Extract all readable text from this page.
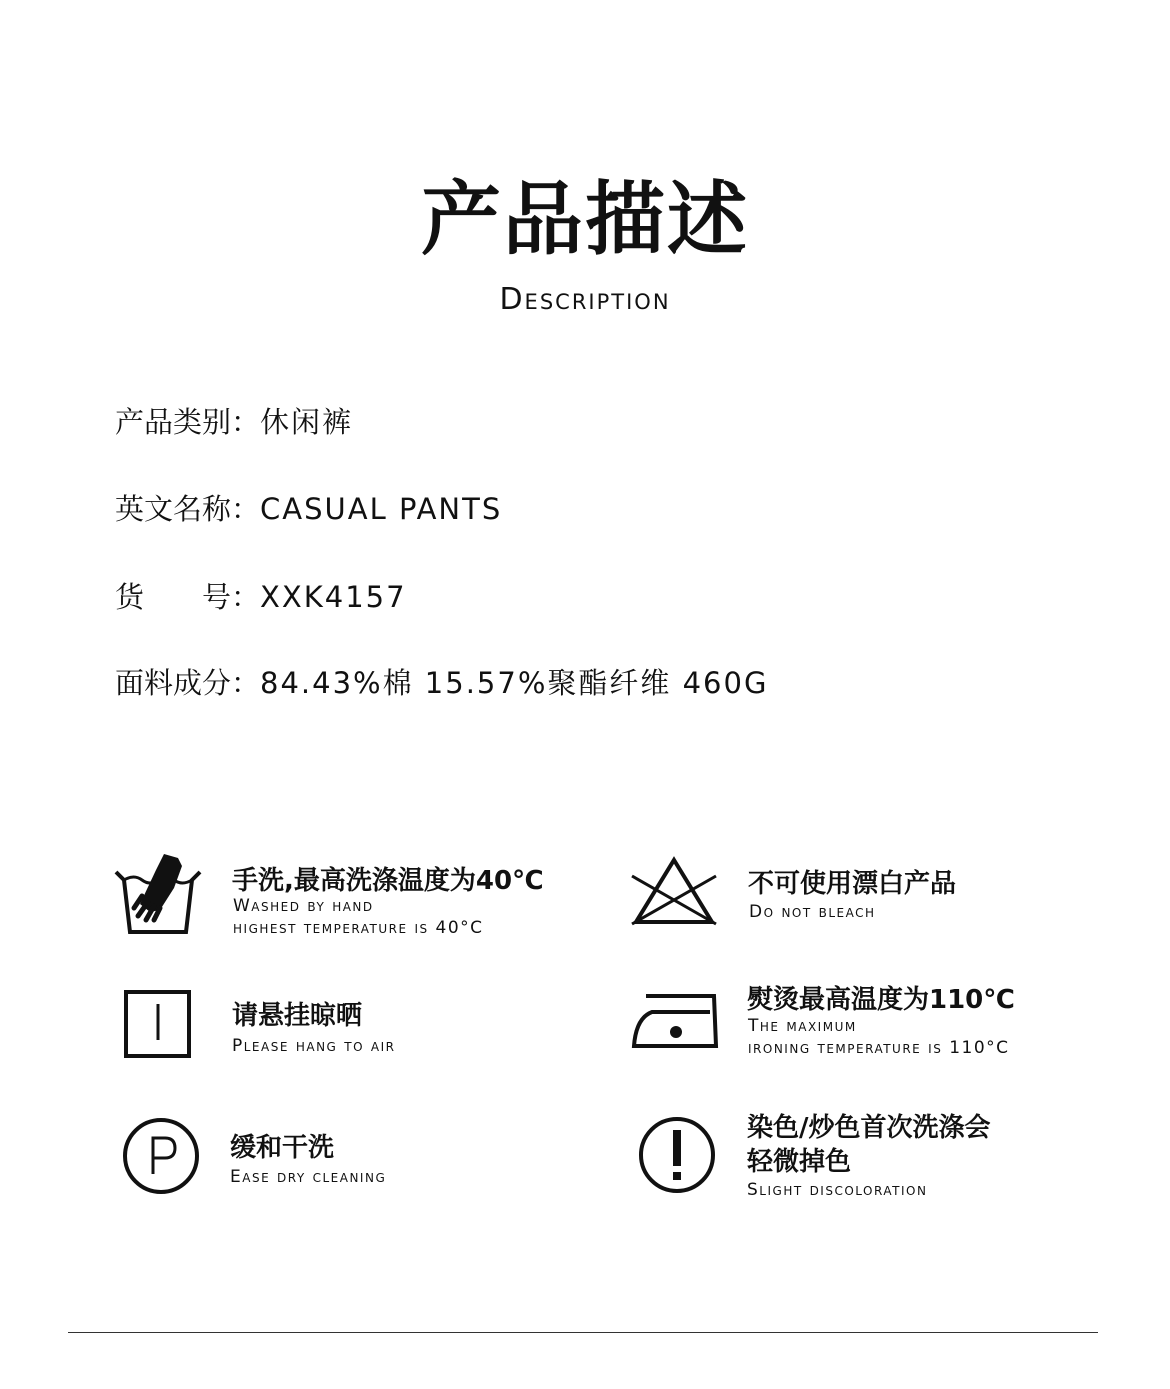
产品描述
Description
产品类别：休闲裤
英文名称：CASUAL PANTS
货　　号：XXK4157
面料成分：84.43%棉 15.57%聚酯纤维 460G
手洗,最高洗涤温度为40℃
Washed by hand
highest temperature is 40°C
不可使用漂白产品
Do not bleach
请悬挂晾晒
Please hang to air
熨烫最高温度为110℃
The maximum
ironing temperature is 110°C
缓和干洗
Ease dry cleaning
染色/炒色首次洗涤会
轻微掉色
Slight discoloration
